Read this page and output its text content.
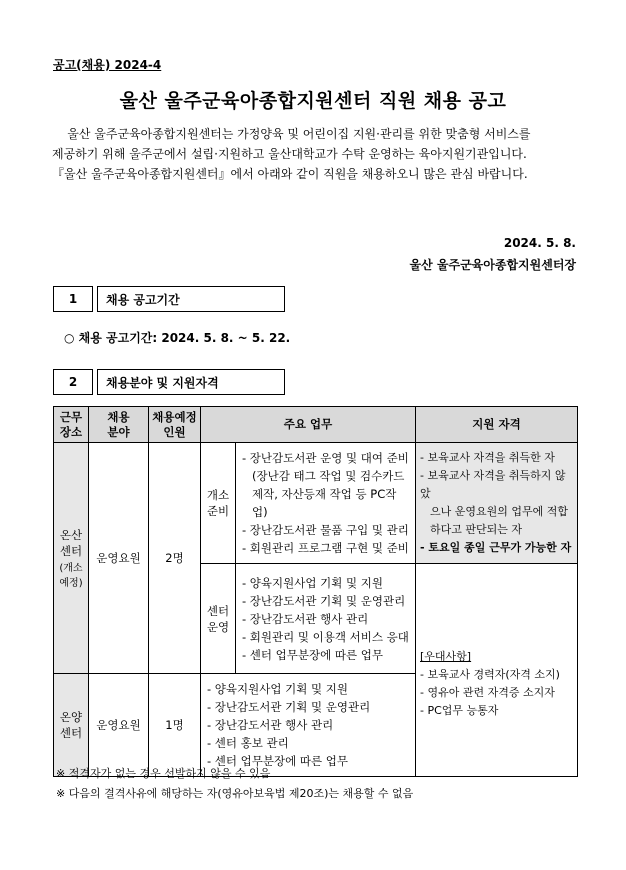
공고(채용) 2024-4
울산 울주군육아종합지원센터 직원 채용 공고

울산 울주군육아종합지원센터는 가정양육 및 어린이집 지원·관리를 위한 맞춤형 서비스를

제공하기 위해 울주군에서 설립·지원하고 울산대학교가 수탁 운영하는 육아지원기관입니다.

『울산 울주군육아종합지원센터』에서 아래와 같이 직원을 채용하오니 많은 관심 바랍니다.

2024. 5. 8.
울산 울주군육아종합지원센터장
1	채용 공고기간
○ 채용 공고기간: 2024. 5. 8. ~ 5. 22.
2	채용분야 및 지원자격
근무
장소	채용
분야	채용예정
인원	주요 업무		지원 자격

온산
센터
(개소
예정)	운영요원	2명	개소
준비	- 장난감도서관 운영 및 대여 준비
(장난감 태그 작업 및 검수카드
제작, 자산등재 작업 등 PC작업)
- 장난감도서관 물품 구입 및 관리
- 회원관리 프로그램 구현 및 준비	- 보육교사 자격을 취득한 자
- 보육교사 자격을 취득하지 않았
으나 운영요원의 업무에 적합
하다고 판단되는 자
- 토요일 종일 근무가 가능한 자

			센터
운영	- 양육지원사업 기획 및 지원
- 장난감도서관 기획 및 운영관리
- 장난감도서관 행사 관리
- 회원관리 및 이용객 서비스 응대
- 센터 업무분장에 따른 업무	[우대사항]
- 보육교사 경력자(자격 소지)
- 영유아 관련 자격증 소지자
- PC업무 능통자

온양
센터	운영요원	1명	- 양육지원사업 기획 및 지원
- 장난감도서관 기획 및 운영관리
- 장난감도서관 행사 관리
- 센터 홍보 관리
- 센터 업무분장에 따른 업무		
※ 적격자가 없는 경우 선발하지 않을 수 있음
※ 다음의 결격사유에 해당하는 자(영유아보육법 제20조)는 채용할 수 없음
